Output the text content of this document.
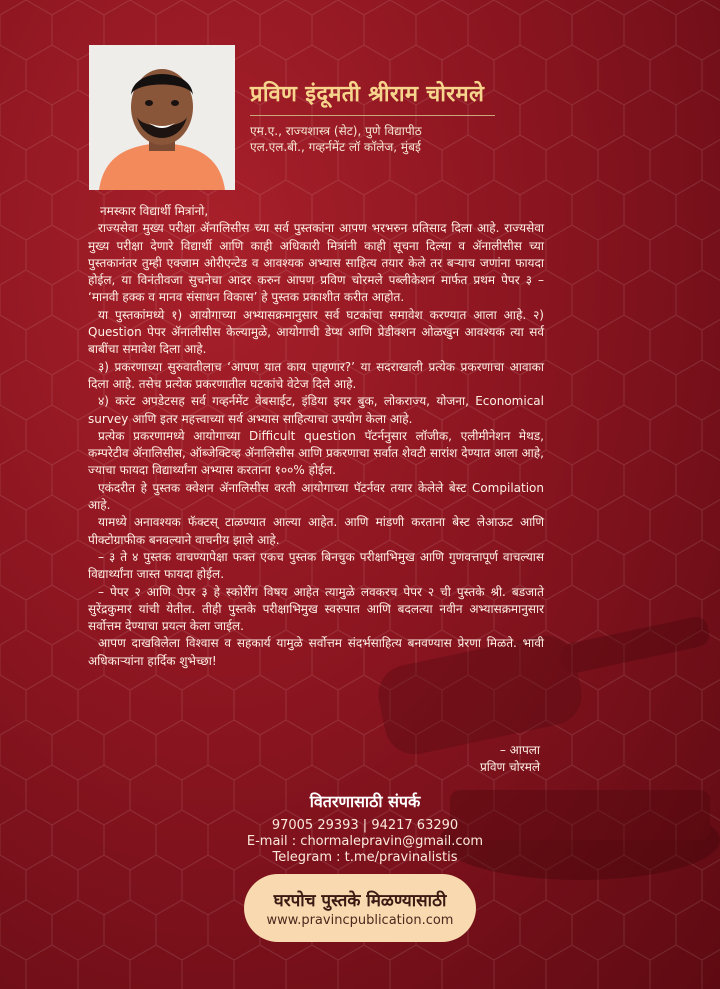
प्रविण इंदूमती श्रीराम चोरमले
एम.ए., राज्यशास्त्र (सेट), पुणे विद्यापीठ
एल.एल.बी., गव्हर्नमेंट लॉ कॉलेज, मुंबई

नमस्कार विद्यार्थी मित्रांनो,

राज्यसेवा मुख्य परीक्षा ॲनालिसीस च्या सर्व पुस्तकांना आपण भरभरुन प्रतिसाद दिला आहे. राज्यसेवा मुख्य परीक्षा देणारे विद्यार्थी आणि काही अधिकारी मित्रांनी काही सूचना दिल्या व ॲनालीसीस च्या पुस्तकानंतर तुम्ही एक्जाम ओरीएन्टेड व आवश्यक अभ्यास साहित्य तयार केले तर बऱ्याच जणांना फायदा होईल, या विनंतीवजा सुचनेचा आदर करुन आपण प्रविण चोरमले पब्लीकेशन मार्फत प्रथम पेपर ३ – ‘मानवी हक्क व मानव संसाधन विकास’ हे पुस्तक प्रकाशीत करीत आहोत.

या पुस्तकांमध्ये १) आयोगाच्या अभ्यासक्रमानुसार सर्व घटकांचा समावेश करण्यात आला आहे. २) Question पेपर ॲनालीसीस केल्यामुळे, आयोगाची डेप्थ आणि प्रेडीक्शन ओळखुन आवश्यक त्या सर्व बाबींचा समावेश दिला आहे.

३) प्रकरणाच्या सुरुवातीलाच ‘आपण यात काय पाहणार?’ या सदराखाली प्रत्येक प्रकरणाचा आवाका दिला आहे. तसेच प्रत्येक प्रकरणातील घटकांचे वेटेज दिले आहे.

४) करंट अपडेटसह सर्व गव्हर्नमेंट वेबसाईट, इंडिया इयर बुक, लोकराज्य, योजना, Economical survey आणि इतर महत्त्वाच्या सर्व अभ्यास साहित्याचा उपयोग केला आहे.

प्रत्येक प्रकरणामध्ये आयोगाच्या Difficult question पॅटर्ननुसार लॉजीक, एलीमीनेशन मेथड, कम्परेटीव ॲनालिसीस, ऑब्जेक्टिव्ह ॲनालिसीस आणि प्रकरणाचा सर्वात शेवटी सारांश देण्यात आला आहे, ज्याचा फायदा विद्यार्थ्यांना अभ्यास करताना १००% होईल.

एकंदरीत हे पुस्तक क्वेशन ॲनालिसीस वरती आयोगाच्या पॅटर्नवर तयार केलेले बेस्ट Compilation आहे.

यामध्ये अनावश्यक फॅक्टस् टाळण्यात आल्या आहेत. आणि मांडणी करताना बेस्ट लेआऊट आणि पीक्टोग्राफीक बनवल्याने वाचनीय झाले आहे.

– ३ ते ४ पुस्तक वाचण्यापेक्षा फक्त एकच पुस्तक बिनचुक परीक्षाभिमुख आणि गुणवत्तापूर्ण वाचल्यास विद्यार्थ्यांना जास्त फायदा होईल.

– पेपर २ आणि पेपर ३ हे स्कोरींग विषय आहेत त्यामुळे लवकरच पेपर २ ची पुस्तके श्री. बडजाते सुरेंद्रकुमार यांची येतील. तीही पुस्तके परीक्षाभिमुख स्वरुपात आणि बदलत्या नवीन अभ्यासक्रमानुसार सर्वोत्तम देण्याचा प्रयत्न केला जाईल.

आपण दाखविलेला विश्वास व सहकार्य यामुळे सर्वोत्तम संदर्भसाहित्य बनवण्यास प्रेरणा मिळते. भावी अधिकाऱ्यांना हार्दिक शुभेच्छा!

– आपला
प्रविण चोरमले
वितरणासाठी संपर्क
97005 29393 | 94217 63290
E-mail : chormalepravin@gmail.com
Telegram : t.me/pravinalistis
घरपोच पुस्तके मिळण्यासाठी
www.pravincpublication.com
